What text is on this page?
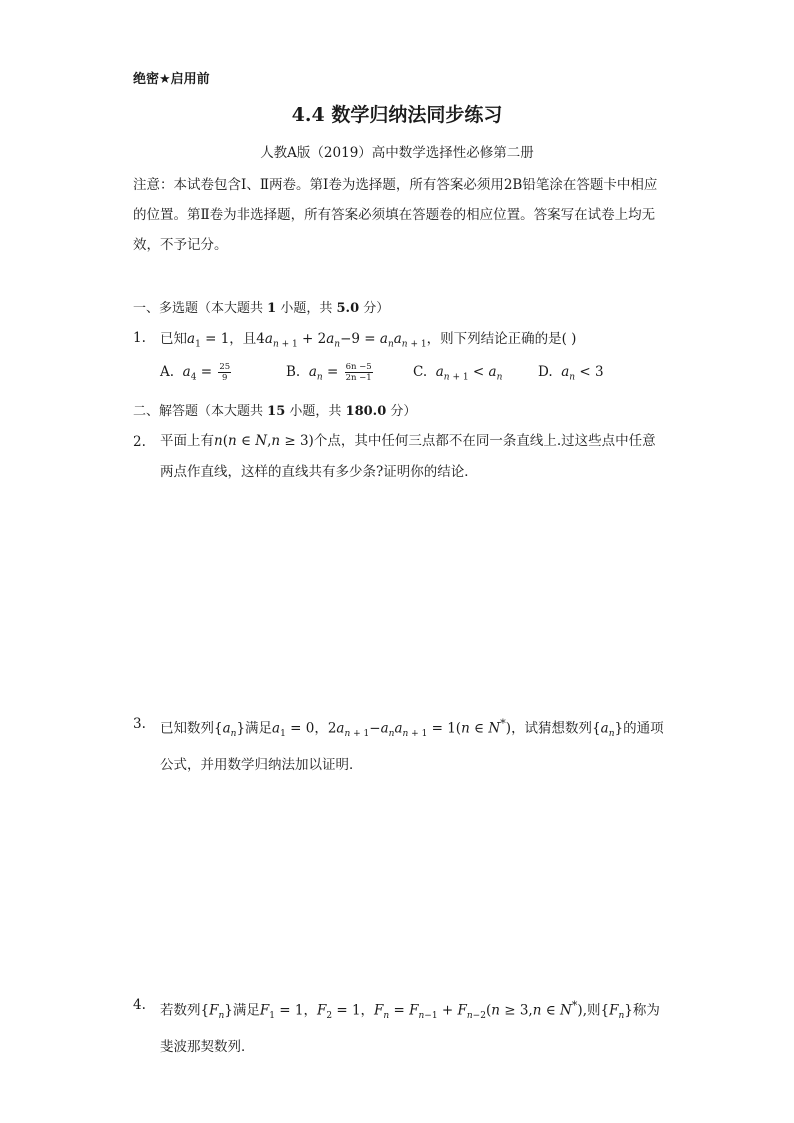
绝密★启用前
4.4 数学归纳法同步练习
人教A版（2019）高中数学选择性必修第二册
注意：本试卷包含Ⅰ、Ⅱ两卷。第Ⅰ卷为选择题，所有答案必须用2B铅笔涂在答题卡中相应的位置。第Ⅱ卷为非选择题，所有答案必须填在答题卷的相应位置。答案写在试卷上均无效，不予记分。
一、多选题（本大题共 1 小题，共 5.0 分）
1. 已知$a_1 = 1$，且$4a_{n + 1} + 2a_n-9 = a_na_{n + 1}$，则下列结论正确的是( )
A. $a_4 = \frac{25}{9}$	B. $a_n = \frac{6n -5}{2n -1}$	C. $a_{n + 1} < a_n$	D. $a_n < 3$
二、解答题（本大题共 15 小题，共 180.0 分）
2. 平面上有n(n ∈ N,n ≥ 3)个点，其中任何三点都不在同一条直线上.过这些点中任意两点作直线，这样的直线共有多少条?证明你的结论．
3. 已知数列$\{a_n\}$满足$a_1 = 0$，$2a_{n + 1}-a_na_{n + 1} = 1(n$ ∈ N*)，试猜想数列$\{a_n\}$的通项公式，并用数学归纳法加以证明．
4. 若数列$\{F_n\}$满足$F_1 = 1$，$F_2 = 1$，$F_n = F_{n-1} + F_{n-2}(n \ge 3,n$ ∈ N*),则$\{F_n\}$称为斐波那契数列．
